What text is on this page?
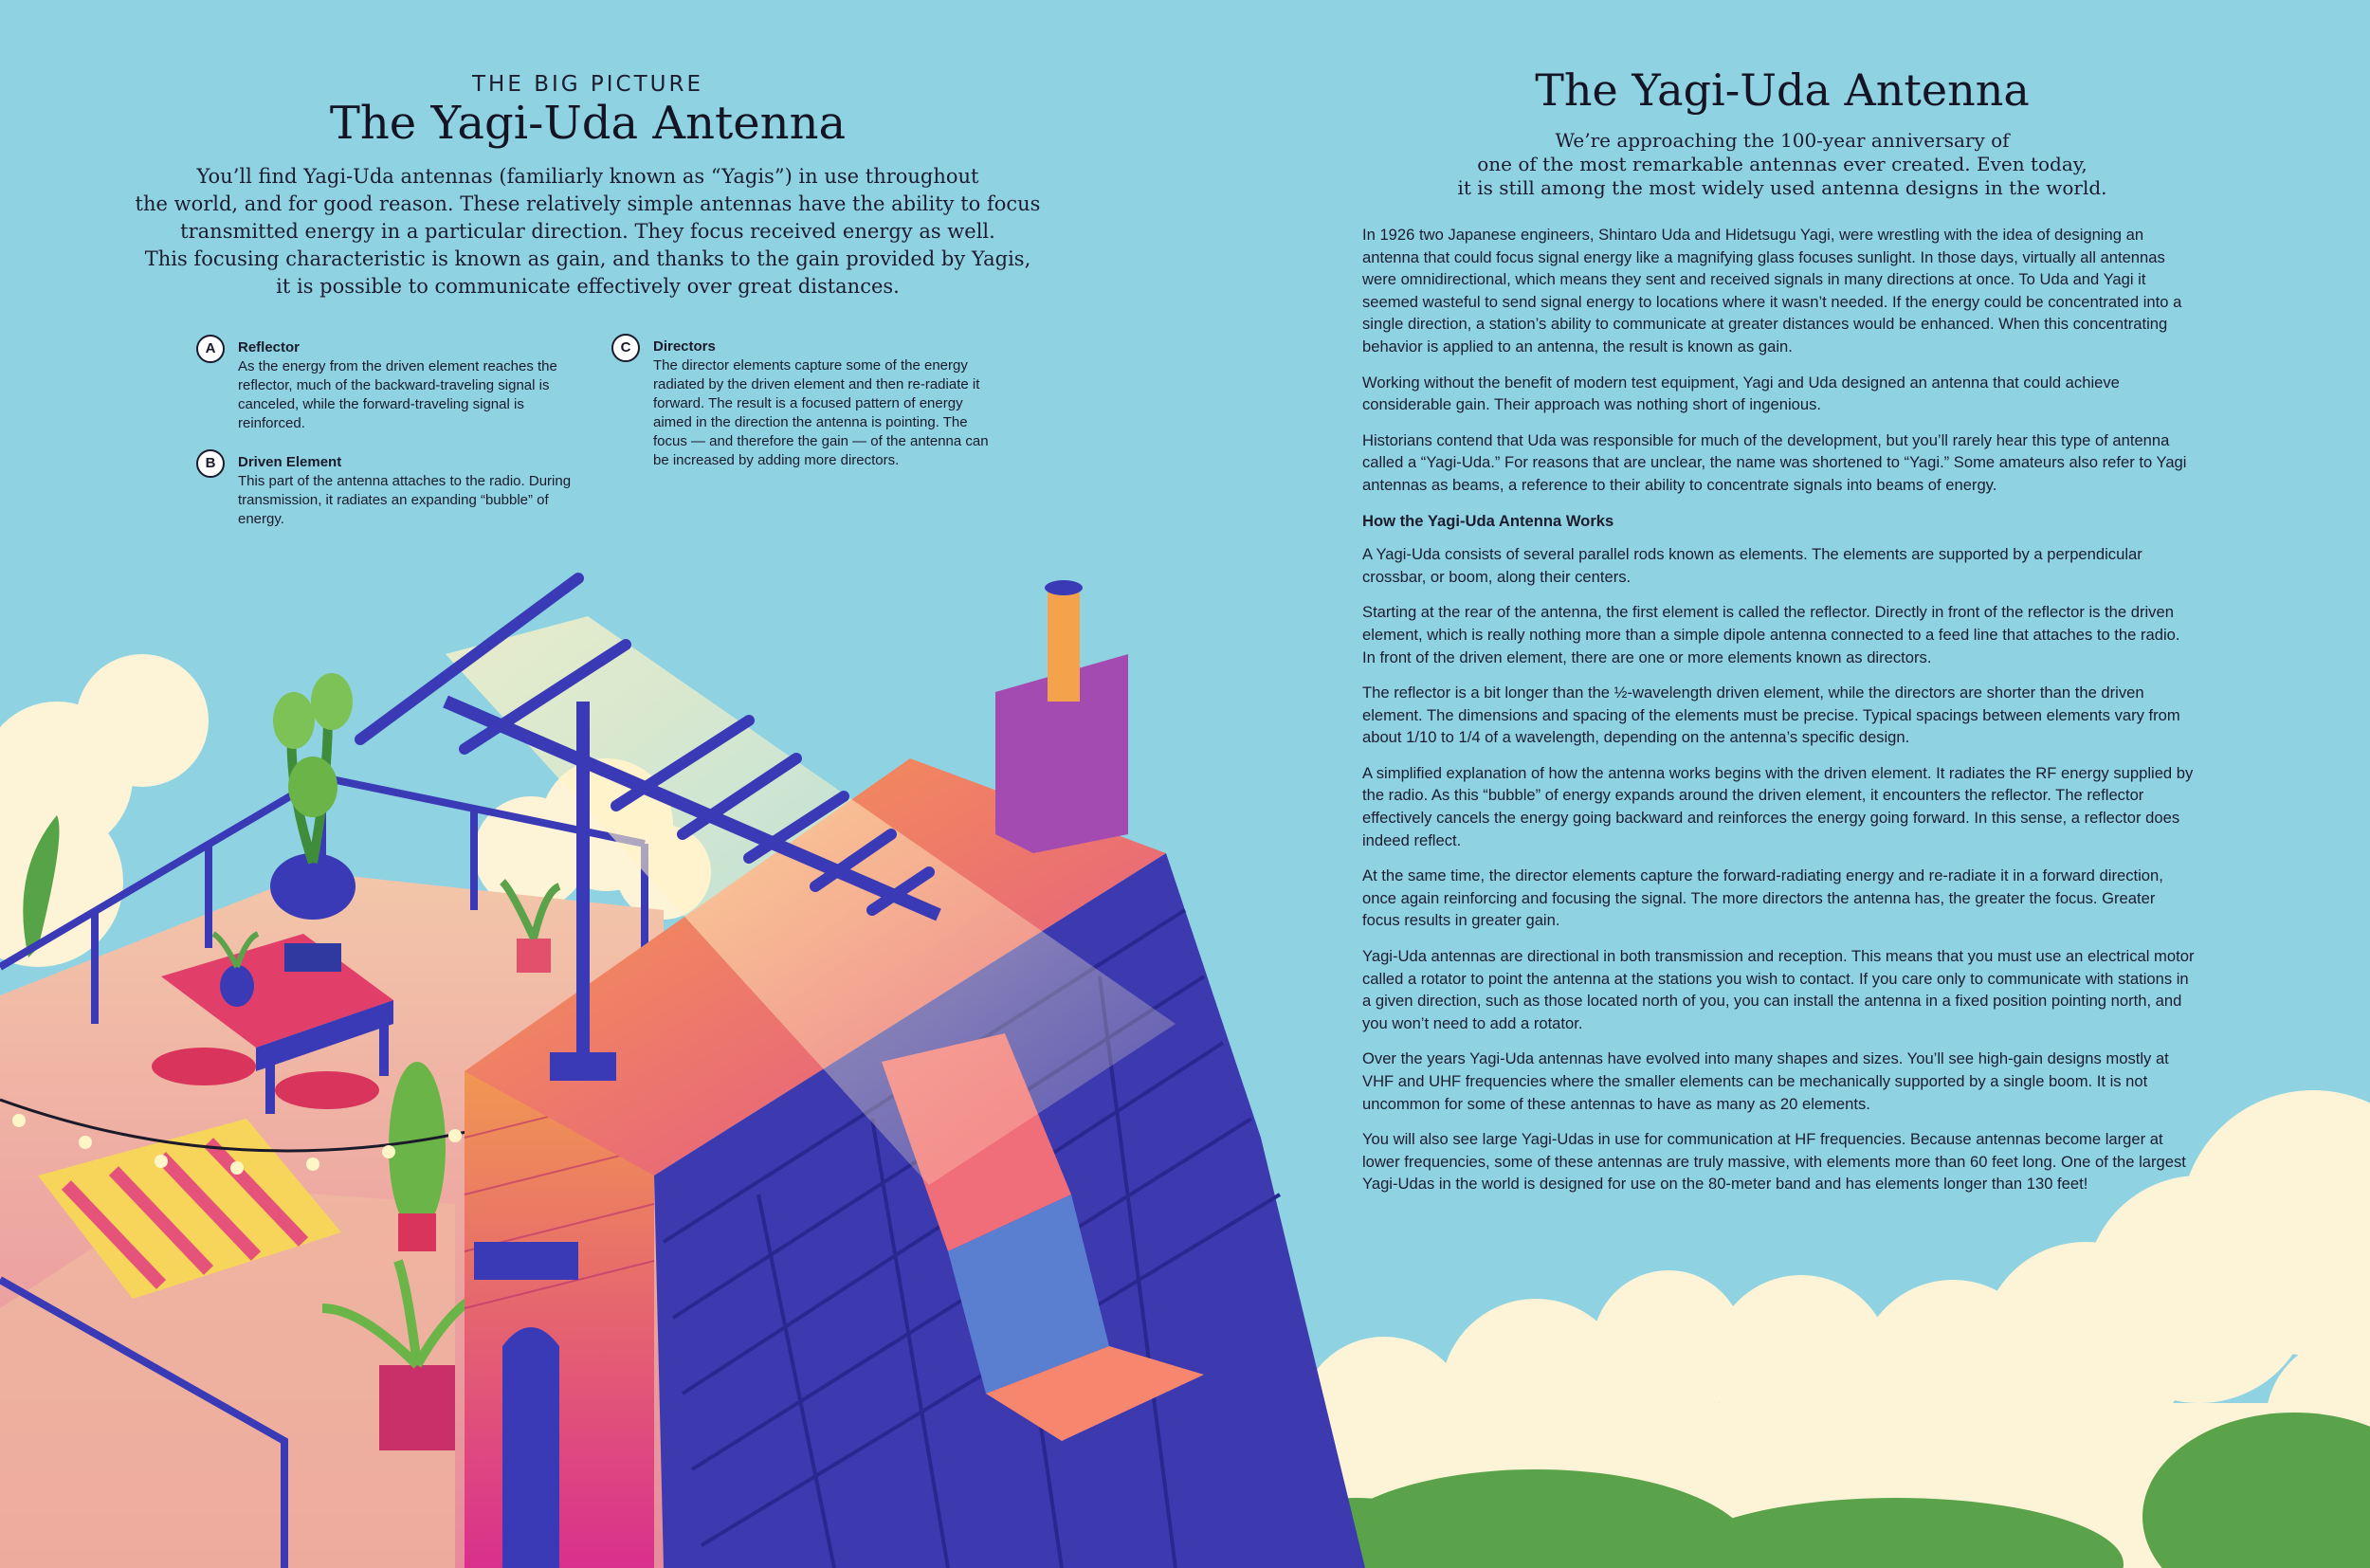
THE BIG PICTURE
The Yagi-Uda Antenna
You’ll find Yagi-Uda antennas (familiarly known as “Yagis”) in use throughout
the world, and for good reason. These relatively simple antennas have the ability to focus
transmitted energy in a particular direction. They focus received energy as well.
This focusing characteristic is known as gain, and thanks to the gain provided by Yagis,
it is possible to communicate effectively over great distances.
A	Reflector
As the energy from the driven element reaches the reflector, much of the backward-traveling signal is canceled, while the forward-traveling signal is reinforced.
B	Driven Element
This part of the antenna attaches to the radio. During transmission, it radiates an expanding “bubble” of energy.
C	Directors
The director elements capture some of the energy radiated by the driven element and then re-radiate it forward. The result is a focused pattern of energy aimed in the direction the antenna is pointing. The focus — and therefore the gain — of the antenna can be increased by adding more directors.
The Yagi-Uda Antenna
We’re approaching the 100-year anniversary of
one of the most remarkable antennas ever created. Even today,
it is still among the most widely used antenna designs in the world.

In 1926 two Japanese engineers, Shintaro Uda and Hidetsugu Yagi, were wrestling with the idea of designing an antenna that could focus signal energy like a magnifying glass focuses sunlight. In those days, virtually all antennas were omnidirectional, which means they sent and received signals in many directions at once. To Uda and Yagi it seemed wasteful to send signal energy to locations where it wasn’t needed. If the energy could be concentrated into a single direction, a station’s ability to communicate at greater distances would be enhanced. When this concentrating behavior is applied to an antenna, the result is known as gain.

Working without the benefit of modern test equipment, Yagi and Uda designed an antenna that could achieve considerable gain. Their approach was nothing short of ingenious.

Historians contend that Uda was responsible for much of the development, but you’ll rarely hear this type of antenna called a “Yagi-Uda.” For reasons that are unclear, the name was shortened to “Yagi.” Some amateurs also refer to Yagi antennas as beams, a reference to their ability to concentrate signals into beams of energy.

How the Yagi-Uda Antenna Works

A Yagi-Uda consists of several parallel rods known as elements. The elements are supported by a perpendicular crossbar, or boom, along their centers.

Starting at the rear of the antenna, the first element is called the reflector. Directly in front of the reflector is the driven element, which is really nothing more than a simple dipole antenna connected to a feed line that attaches to the radio. In front of the driven element, there are one or more elements known as directors.

The reflector is a bit longer than the ½-wavelength driven element, while the directors are shorter than the driven element. The dimensions and spacing of the elements must be precise. Typical spacings between elements vary from about 1/10 to 1/4 of a wavelength, depending on the antenna’s specific design.

A simplified explanation of how the antenna works begins with the driven element. It radiates the RF energy supplied by the radio. As this “bubble” of energy expands around the driven element, it encounters the reflector. The reflector effectively cancels the energy going backward and reinforces the energy going forward. In this sense, a reflector does indeed reflect.

At the same time, the director elements capture the forward-radiating energy and re-radiate it in a forward direction, once again reinforcing and focusing the signal. The more directors the antenna has, the greater the focus. Greater focus results in greater gain.

Yagi-Uda antennas are directional in both transmission and reception. This means that you must use an electrical motor called a rotator to point the antenna at the stations you wish to contact. If you care only to communicate with stations in a given direction, such as those located north of you, you can install the antenna in a fixed position pointing north, and you won’t need to add a rotator.

Over the years Yagi-Uda antennas have evolved into many shapes and sizes. You’ll see high-gain designs mostly at VHF and UHF frequencies where the smaller elements can be mechanically supported by a single boom. It is not uncommon for some of these antennas to have as many as 20 elements.

You will also see large Yagi-Udas in use for communication at HF frequencies. Because antennas become larger at lower frequencies, some of these antennas are truly massive, with elements more than 60 feet long. One of the largest Yagi-Udas in the world is designed for use on the 80-meter band and has elements longer than 130 feet!
